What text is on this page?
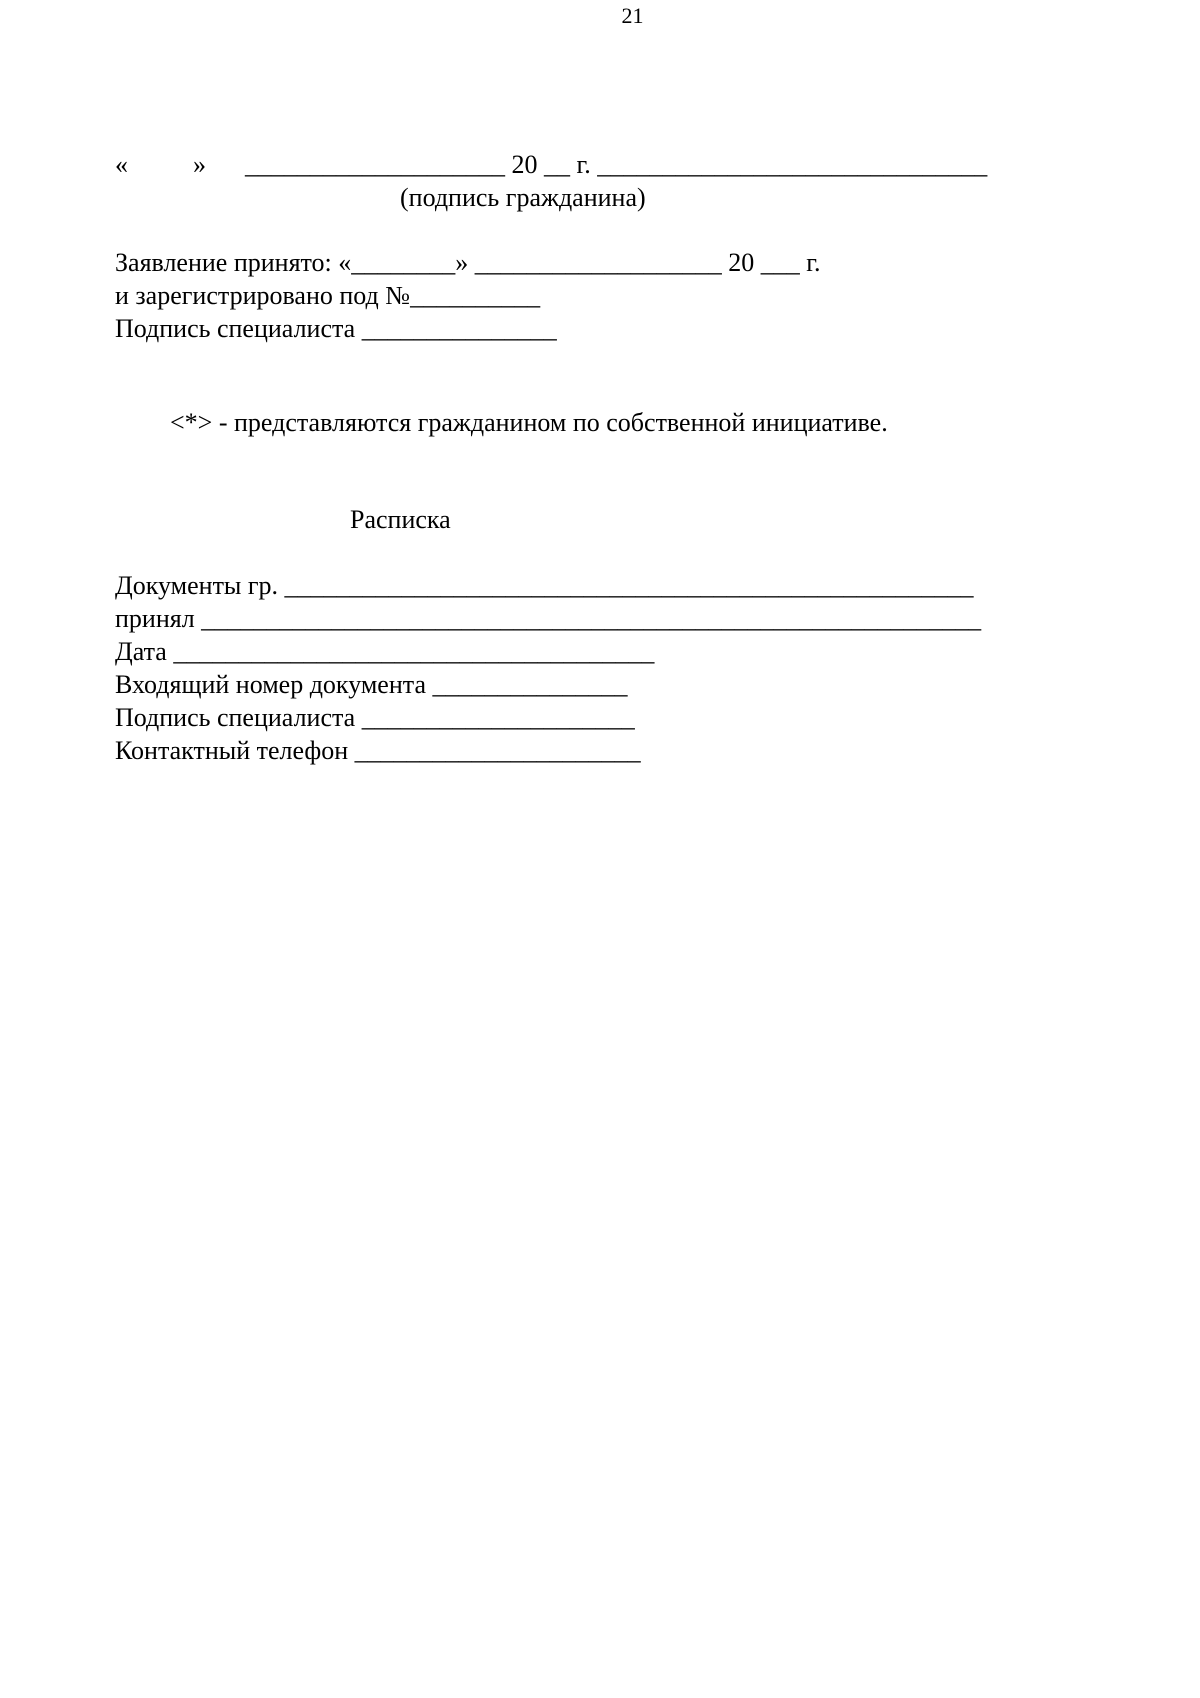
21
«          »      ____________________ 20 __ г. ______________________________
(подпись гражданина)
Заявление принято: «________» ___________________ 20 ___ г.
и зарегистрировано под №__________
Подпись специалиста _______________
<*> - представляются гражданином по собственной инициативе.
Расписка
Документы гр. _____________________________________________________
принял ____________________________________________________________
Дата _____________________________________
Входящий номер документа _______________
Подпись специалиста _____________________
Контактный телефон ______________________
